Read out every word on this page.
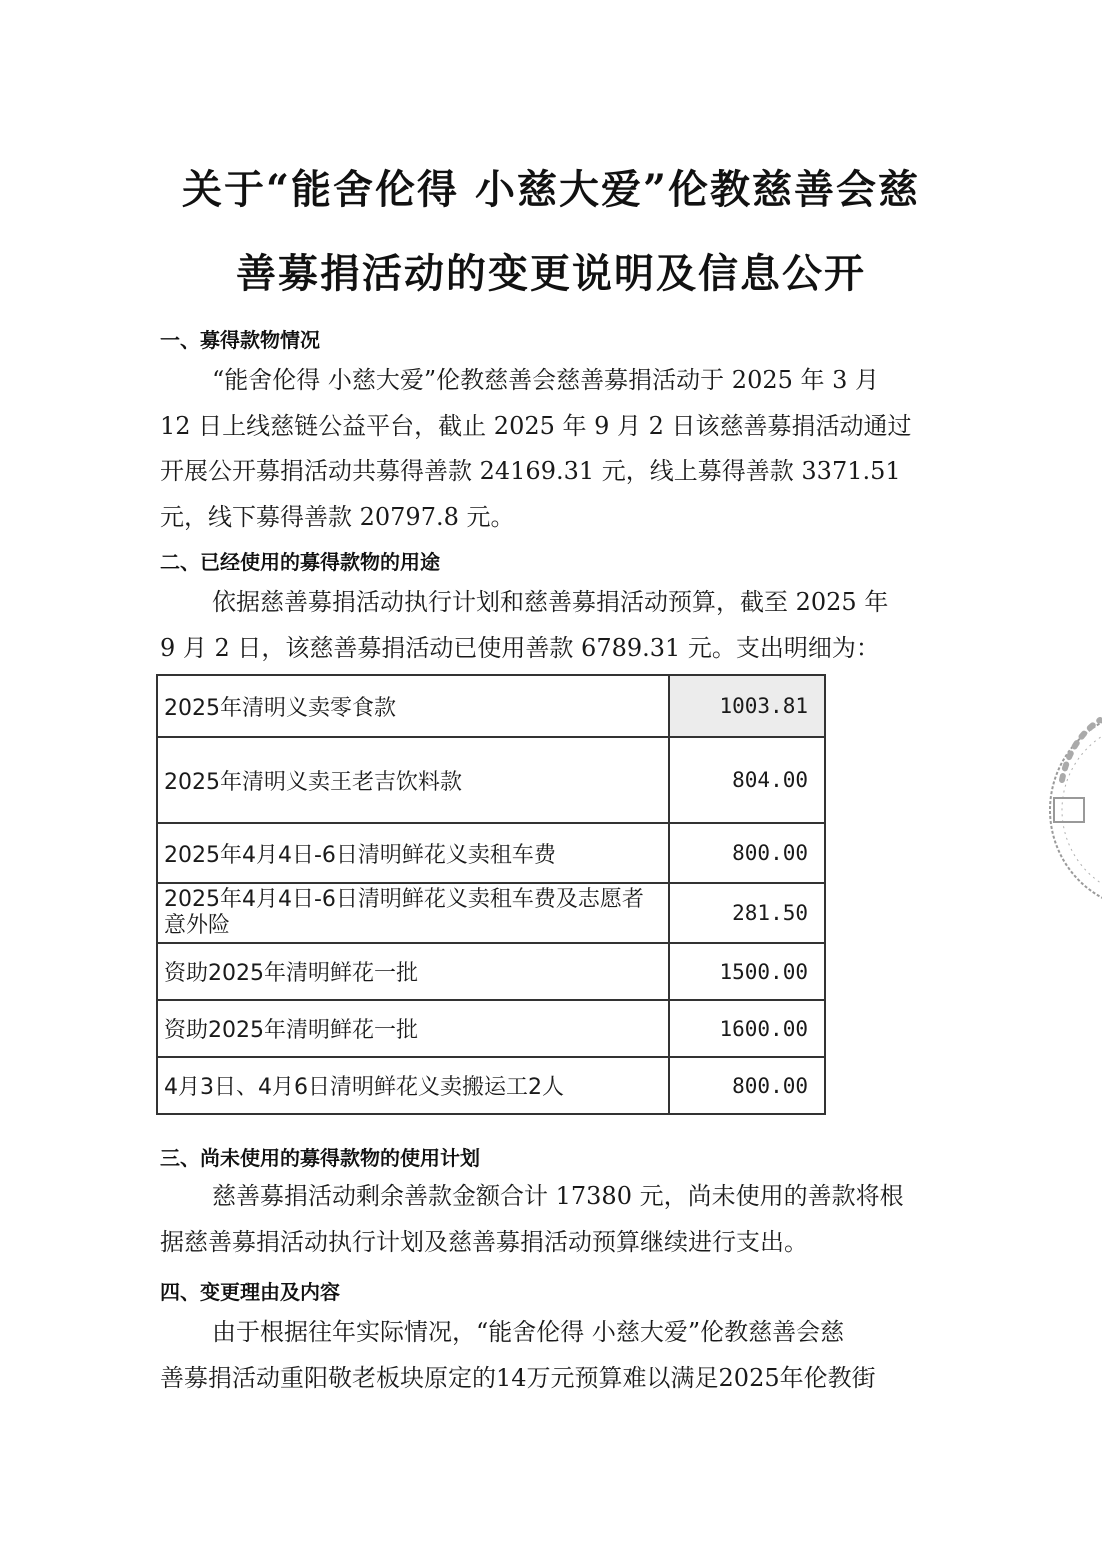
关于“能舍伦得 小慈大爱”伦教慈善会慈
善募捐活动的变更说明及信息公开
一、募得款物情况
“能舍伦得 小慈大爱”伦教慈善会慈善募捐活动于 2025 年 3 月
12 日上线慈链公益平台，截止 2025 年 9 月 2 日该慈善募捐活动通过
开展公开募捐活动共募得善款 24169.31 元，线上募得善款 3371.51
元，线下募得善款 20797.8 元。
二、已经使用的募得款物的用途
依据慈善募捐活动执行计划和慈善募捐活动预算，截至 2025 年
9 月 2 日，该慈善募捐活动已使用善款 6789.31 元。支出明细为：
2025年清明义卖零食款	1003.81
2025年清明义卖王老吉饮料款	804.00
2025年4月4日-6日清明鲜花义卖租车费	800.00
2025年4月4日-6日清明鲜花义卖租车费及志愿者意外险	281.50
资助2025年清明鲜花一批	1500.00
资助2025年清明鲜花一批	1600.00
4月3日、4月6日清明鲜花义卖搬运工2人	800.00
三、尚未使用的募得款物的使用计划
慈善募捐活动剩余善款金额合计 17380 元，尚未使用的善款将根
据慈善募捐活动执行计划及慈善募捐活动预算继续进行支出。
四、变更理由及内容
由于根据往年实际情况，“能舍伦得 小慈大爱”伦教慈善会慈
善募捐活动重阳敬老板块原定的14万元预算难以满足2025年伦教街
